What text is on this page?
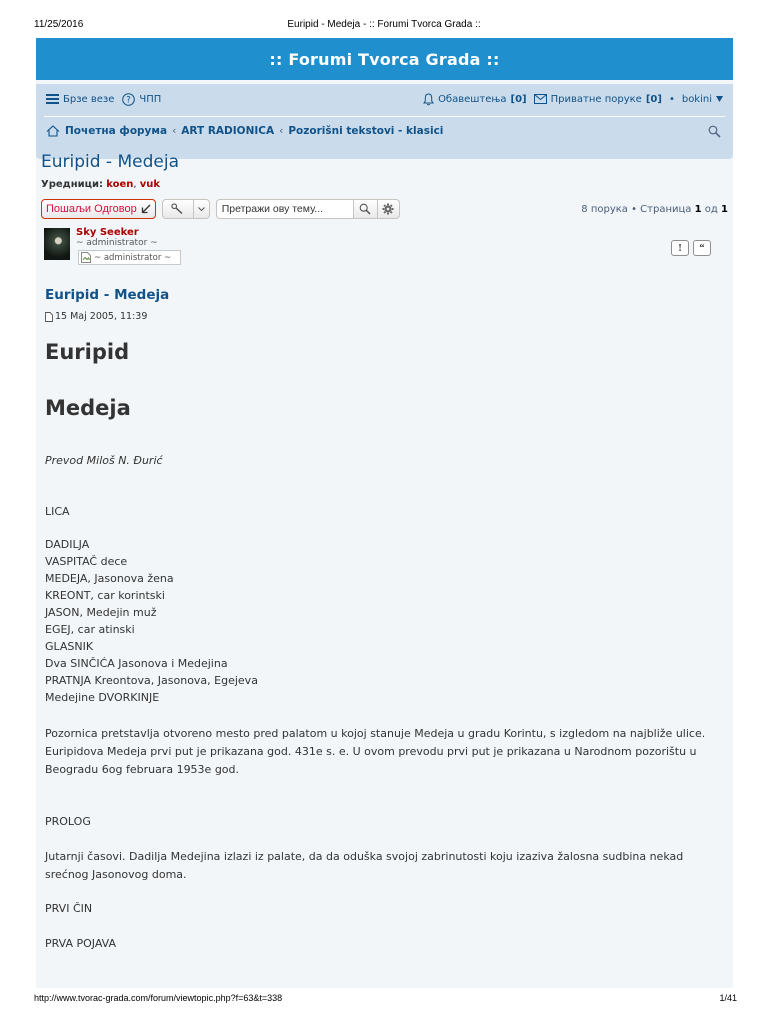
11/25/2016	Euripid - Medeja - :: Forumi Tvorca Grada ::
:: Forumi Tvorca Grada ::
Брзе везе ? ЧПП	Обавештења [0] Приватне поруке [0] • bokini
Почетна форума ‹ ART RADIONICA ‹ Pozorišni tekstovi - klasici
Euripid - Medeja
Уредници: koen, vuk
Пошаљи Одговор	Претражи ову тему...	8 порука • Страница 1 од 1
Sky Seeker
~ administrator ~
~ administrator ~
!	“
Euripid - Medeja
15 Maj 2005, 11:39

Euripid

Medeja

Prevod Miloš N. Đurić

LICA

DADILJA

VASPITAČ dece

MEDEJA, Jasonova žena

KREONT, car korintski

JASON, Medejin muž

EGEJ, car atinski

GLASNIK

Dva SINČIĆA Jasonova i Medejina

PRATNJA Kreontova, Jasonova, Egejeva

Medejine DVORKINJE

Pozornica pretstavlja otvoreno mesto pred palatom u kojoj stanuje Medeja u gradu Korintu, s izgledom na najbliže ulice. Euripidova Medeja prvi put je prikazana god. 431e s. e. U ovom prevodu prvi put je prikazana u Narodnom pozorištu u Beogradu 6og februara 1953e god.

PROLOG

Jutarnji časovi. Dadilja Medejina izlazi iz palate, da da oduška svojoj zabrinutosti koju izaziva žalosna sudbina nekad srećnog Jasonovog doma.

PRVI ČIN

PRVA POJAVA

http://www.tvorac-grada.com/forum/viewtopic.php?f=63&t=338	1/41
